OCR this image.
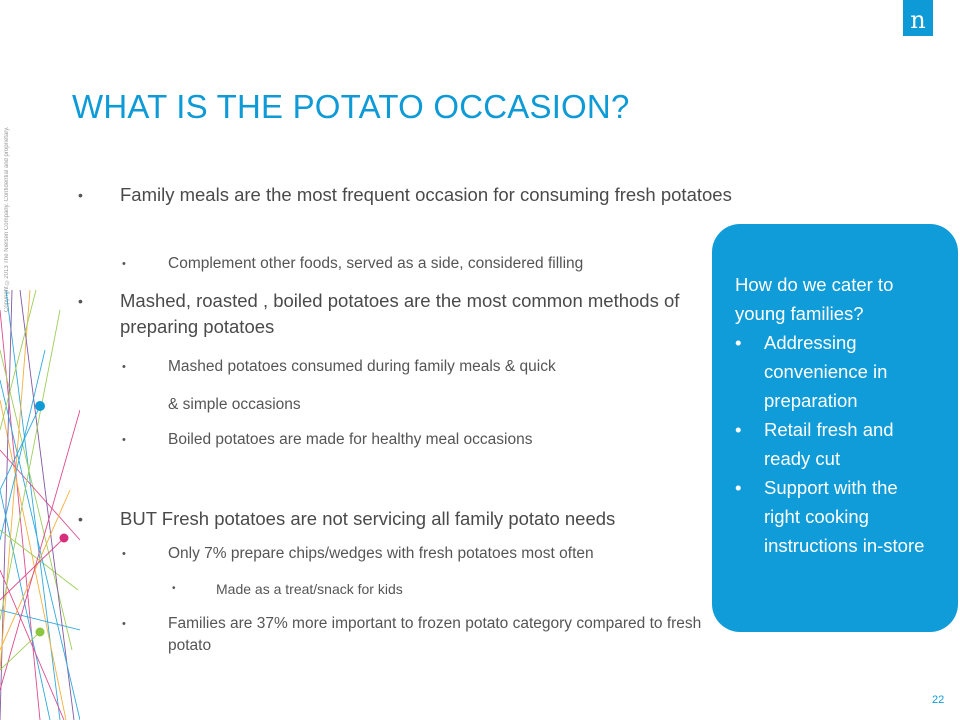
Copyright ©2013 The Nielsen Company. Confidential and proprietary.
n
WHAT IS THE POTATO OCCASION?

• Family meals are the most frequent occasion for consuming fresh potatoes

•	Complement other foods, served as a side, considered filling

• Mashed, roasted , boiled potatoes are the most common methods of preparing potatoes

•	Mashed potatoes consumed during family meals & quick

& simple occasions

•	Boiled potatoes are made for healthy meal occasions

• BUT Fresh potatoes are not servicing all family potato needs

•	Only 7% prepare chips/wedges with fresh potatoes most often

•	Made as a treat/snack for kids

•	Families are 37% more important to frozen potato category compared to fresh potato

How do we cater to young families?
• Addressing convenience in preparation
• Retail fresh and ready cut
• Support with the right cooking instructions in-store
22
